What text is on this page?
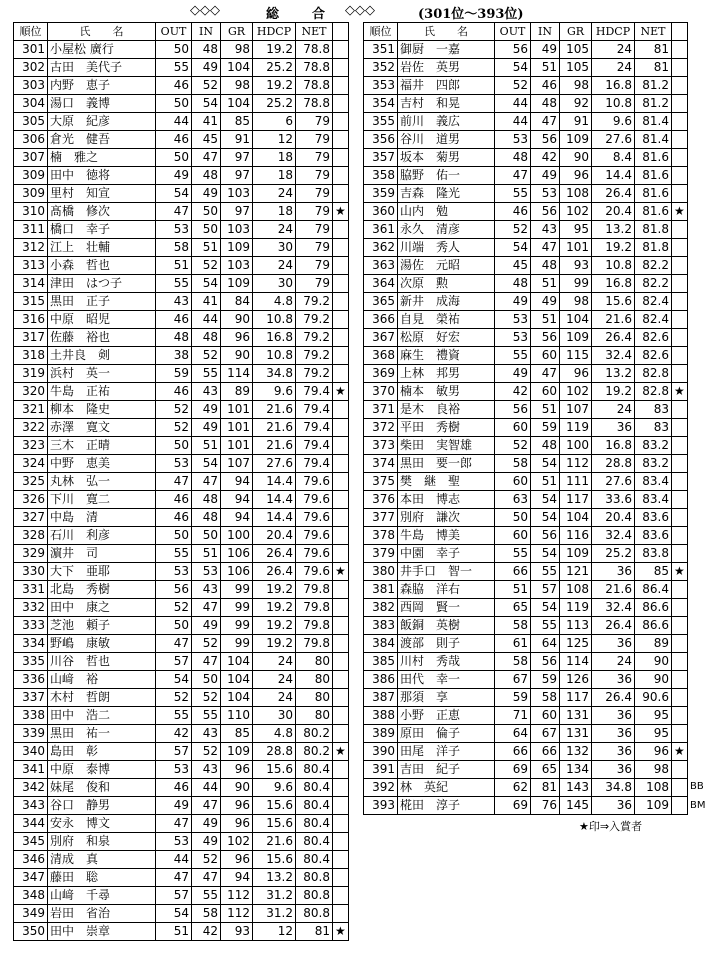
◇◇◇	総	合 ◇◇◇	(301位～393位)
順位	氏　　名	OUT	IN	GR	HDCP	NET	
301	小屋松 廣行	50	48	98	19.2	78.8	
302	古田　美代子	55	49	104	25.2	78.8	
303	内野　恵子	46	52	98	19.2	78.8	
304	湯口　義博	50	54	104	25.2	78.8	
305	大原　紀彦	44	41	85	6	79	
306	倉光　健吾	46	45	91	12	79	
307	楠　雅之	50	47	97	18	79	
309	田中　徳将	49	48	97	18	79	
309	里村　知宣	54	49	103	24	79	
310	髙橋　修次	47	50	97	18	79	★
311	橋口　幸子	53	50	103	24	79	
312	江上　壮輔	58	51	109	30	79	
313	小森　哲也	51	52	103	24	79	
314	津田　はつ子	55	54	109	30	79	
315	黒田　正子	43	41	84	4.8	79.2	
316	中原　昭児	46	44	90	10.8	79.2	
317	佐藤　裕也	48	48	96	16.8	79.2	
318	土井良　剣	38	52	90	10.8	79.2	
319	浜村　英一	59	55	114	34.8	79.2	
320	牛島　正祐	46	43	89	9.6	79.4	★
321	柳本　隆史	52	49	101	21.6	79.4	
322	赤澤　寛文	52	49	101	21.6	79.4	
323	三木　正晴	50	51	101	21.6	79.4	
324	中野　恵美	53	54	107	27.6	79.4	
325	丸林　弘一	47	47	94	14.4	79.6	
326	下川　寛二	46	48	94	14.4	79.6	
327	中島　清	46	48	94	14.4	79.6	
328	石川　利彦	50	50	100	20.4	79.6	
329	濵井　司	55	51	106	26.4	79.6	
330	大下　亜耶	53	53	106	26.4	79.6	★
331	北島　秀樹	56	43	99	19.2	79.8	
332	田中　康之	52	47	99	19.2	79.8	
333	芝池　頼子	50	49	99	19.2	79.8	
334	野嶋　康敏	47	52	99	19.2	79.8	
335	川谷　哲也	57	47	104	24	80	
336	山﨑　裕	54	50	104	24	80	
337	木村　哲朗	52	52	104	24	80	
338	田中　浩二	55	55	110	30	80	
339	黒田　祐一	42	43	85	4.8	80.2	
340	島田　彰	57	52	109	28.8	80.2	★
341	中原　泰博	53	43	96	15.6	80.4	
342	妹尾　俊和	46	44	90	9.6	80.4	
343	谷口　静男	49	47	96	15.6	80.4	
344	安永　博文	47	49	96	15.6	80.4	
345	別府　和泉	53	49	102	21.6	80.4	
346	清成　真	44	52	96	15.6	80.4	
347	藤田　聡	47	47	94	13.2	80.8	
348	山﨑　千尋	57	55	112	31.2	80.8	
349	岩田　省治	54	58	112	31.2	80.8	
350	田中　崇章	51	42	93	12	81	★
順位	氏　　名	OUT	IN	GR	HDCP	NET	
351	御厨　一嘉	56	49	105	24	81	
352	岩佐　英男	54	51	105	24	81	
353	福井　四郎	52	46	98	16.8	81.2	
354	吉村　和晃	44	48	92	10.8	81.2	
355	前川　義広	44	47	91	9.6	81.4	
356	谷川　道男	53	56	109	27.6	81.4	
357	坂本　菊男	48	42	90	8.4	81.6	
358	脇野　佑一	47	49	96	14.4	81.6	
359	吉森　隆光	55	53	108	26.4	81.6	
360	山内　勉	46	56	102	20.4	81.6	★
361	永久　清彦	52	43	95	13.2	81.8	
362	川端　秀人	54	47	101	19.2	81.8	
363	湯佐　元昭	45	48	93	10.8	82.2	
364	次原　勲	48	51	99	16.8	82.2	
365	新井　成海	49	49	98	15.6	82.4	
366	自見　榮祐	53	51	104	21.6	82.4	
367	松原　好宏	53	56	109	26.4	82.6	
368	麻生　禮資	55	60	115	32.4	82.6	
369	上林　邦男	49	47	96	13.2	82.8	
370	楠本　敏男	42	60	102	19.2	82.8	★
371	是木　良裕	56	51	107	24	83	
372	平田　秀樹	60	59	119	36	83	
373	柴田　実智雄	52	48	100	16.8	83.2	
374	黒田　要一郎	58	54	112	28.8	83.2	
375	樊　継　聖	60	51	111	27.6	83.4	
376	本田　博志	63	54	117	33.6	83.4	
377	別府　謙次	50	54	104	20.4	83.6	
378	牛島　博美	60	56	116	32.4	83.6	
379	中園　幸子	55	54	109	25.2	83.8	
380	井手口　智一	66	55	121	36	85	★
381	森脇　洋右	51	57	108	21.6	86.4	
382	西岡　賢一	65	54	119	32.4	86.6	
383	飯銅　英樹	58	55	113	26.4	86.6	
384	渡部　則子	61	64	125	36	89	
385	川村　秀哉	58	56	114	24	90	
386	田代　幸一	67	59	126	36	90	
387	那須　享	59	58	117	26.4	90.6	
388	小野　正恵	71	60	131	36	95	
389	原田　倫子	64	67	131	36	95	
390	田尾　洋子	66	66	132	36	96	★
391	吉田　紀子	69	65	134	36	98	
392	林　英紀	62	81	143	34.8	108	
393	椛田　淳子	69	76	145	36	109	
BB
BM
★印⇒入賞者
